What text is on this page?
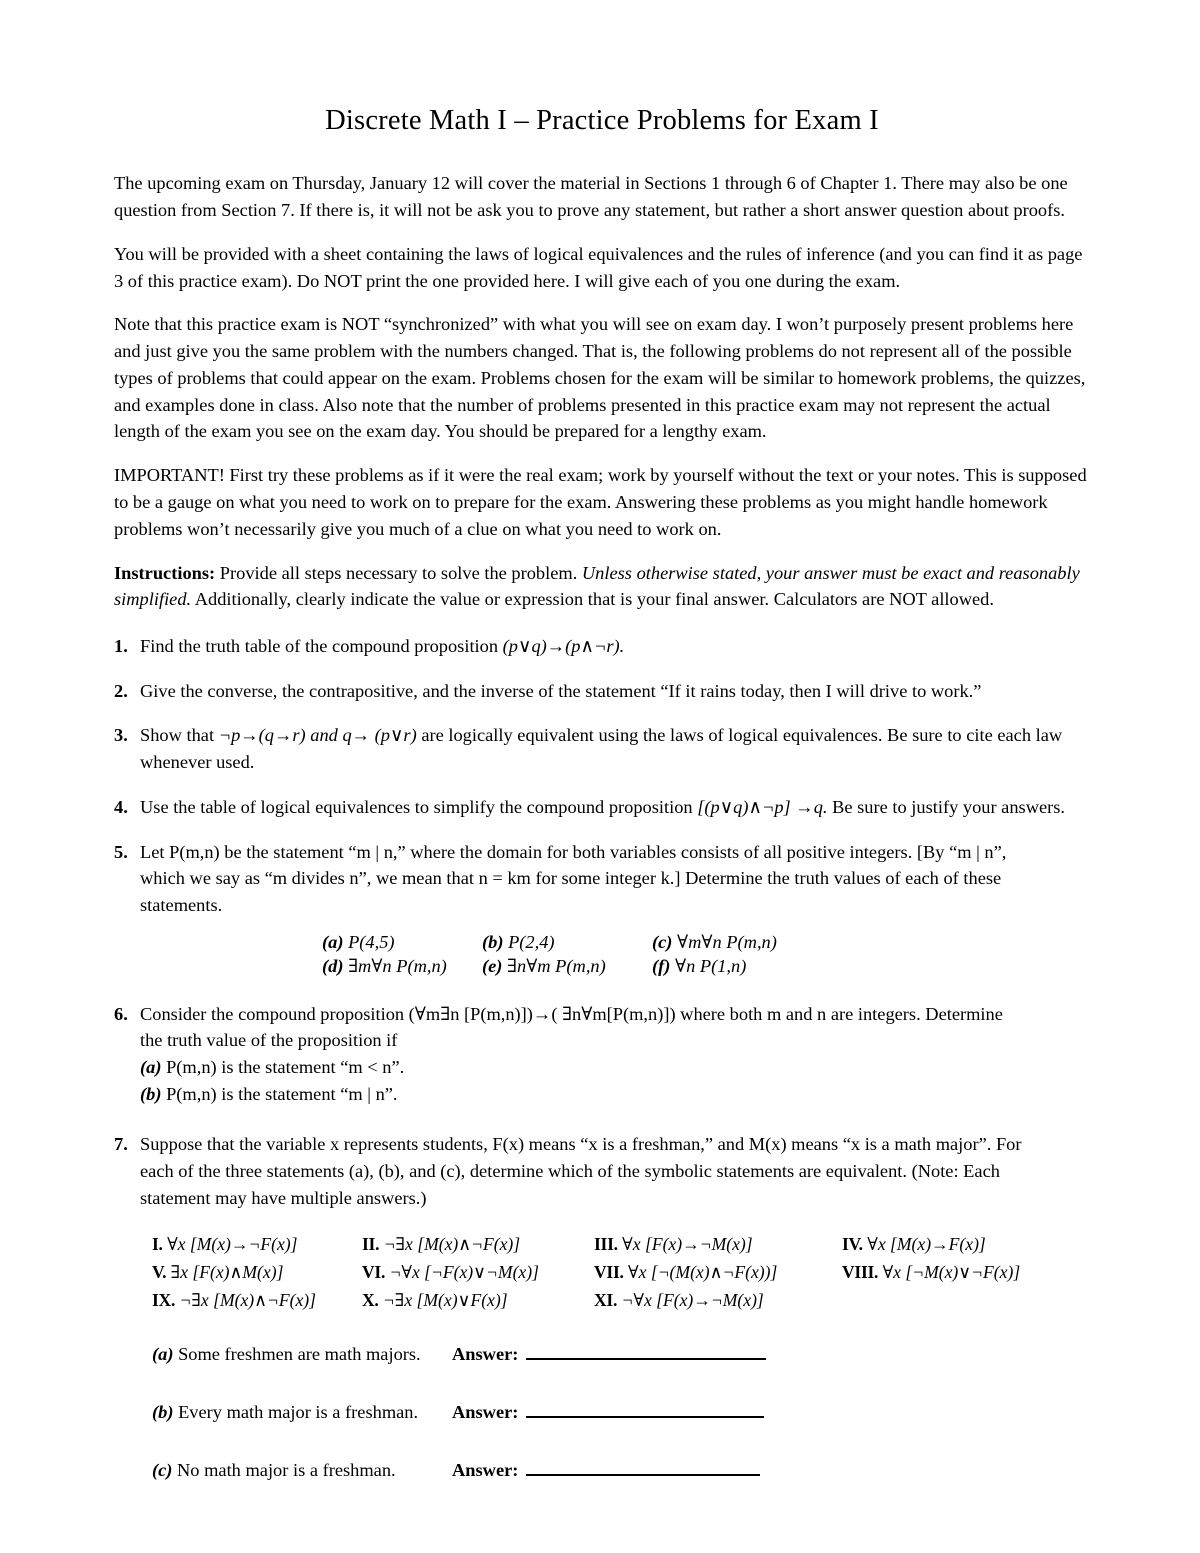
Discrete Math I – Practice Problems for Exam I

The upcoming exam on Thursday, January 12 will cover the material in Sections 1 through 6 of Chapter 1. There may also be one question from Section 7. If there is, it will not be ask you to prove any statement, but rather a short answer question about proofs.

You will be provided with a sheet containing the laws of logical equivalences and the rules of inference (and you can find it as page 3 of this practice exam). Do NOT print the one provided here. I will give each of you one during the exam.

Note that this practice exam is NOT “synchronized” with what you will see on exam day. I won’t purposely present problems here and just give you the same problem with the numbers changed. That is, the following problems do not represent all of the possible types of problems that could appear on the exam. Problems chosen for the exam will be similar to homework problems, the quizzes, and examples done in class. Also note that the number of problems presented in this practice exam may not represent the actual length of the exam you see on the exam day. You should be prepared for a lengthy exam.

IMPORTANT! First try these problems as if it were the real exam; work by yourself without the text or your notes. This is supposed to be a gauge on what you need to work on to prepare for the exam. Answering these problems as you might handle homework problems won’t necessarily give you much of a clue on what you need to work on.

Instructions: Provide all steps necessary to solve the problem. Unless otherwise stated, your answer must be exact and reasonably simplified. Additionally, clearly indicate the value or expression that is your final answer. Calculators are NOT allowed.

1. Find the truth table of the compound proposition (p∨q)→(p∧¬r).
2. Give the converse, the contrapositive, and the inverse of the statement “If it rains today, then I will drive to work.”
3. Show that ¬p→(q→r) and q→ (p∨r) are logically equivalent using the laws of logical equivalences. Be sure to cite each law whenever used.
4. Use the table of logical equivalences to simplify the compound proposition [(p∨q)∧¬p] →q. Be sure to justify your answers.
5. Let P(m,n) be the statement “m | n,” where the domain for both variables consists of all positive integers. [By “m | n”,
which we say as “m divides n”, we mean that n = km for some integer k.] Determine the truth values of each of these
statements.
(a) P(4,5)	(b) P(2,4)	(c) ∀m∀n P(m,n)
(d) ∃m∀n P(m,n)	(e) ∃n∀m P(m,n)	(f) ∀n P(1,n)
6. Consider the compound proposition (∀m∃n [P(m,n)])→( ∃n∀m[P(m,n)]) where both m and n are integers. Determine
the truth value of the proposition if
(a) P(m,n) is the statement “m < n”.
(b) P(m,n) is the statement “m | n”.
7. Suppose that the variable x represents students, F(x) means “x is a freshman,” and M(x) means “x is a math major”. For
each of the three statements (a), (b), and (c), determine which of the symbolic statements are equivalent. (Note: Each
statement may have multiple answers.)
I. ∀x [M(x)→¬F(x)]	II. ¬∃x [M(x)∧¬F(x)]	III. ∀x [F(x)→¬M(x)]	IV. ∀x [M(x)→F(x)]
V. ∃x [F(x)∧M(x)]	VI. ¬∀x [¬F(x)∨¬M(x)]	VII. ∀x [¬(M(x)∧¬F(x))]	VIII. ∀x [¬M(x)∨¬F(x)]
IX. ¬∃x [M(x)∧¬F(x)]	X. ¬∃x [M(x)∨F(x)]	XI. ¬∀x [F(x)→¬M(x)]
(a) Some freshmen are math majors.	Answer:
(b) Every math major is a freshman.	Answer:
(c) No math major is a freshman.	Answer:
